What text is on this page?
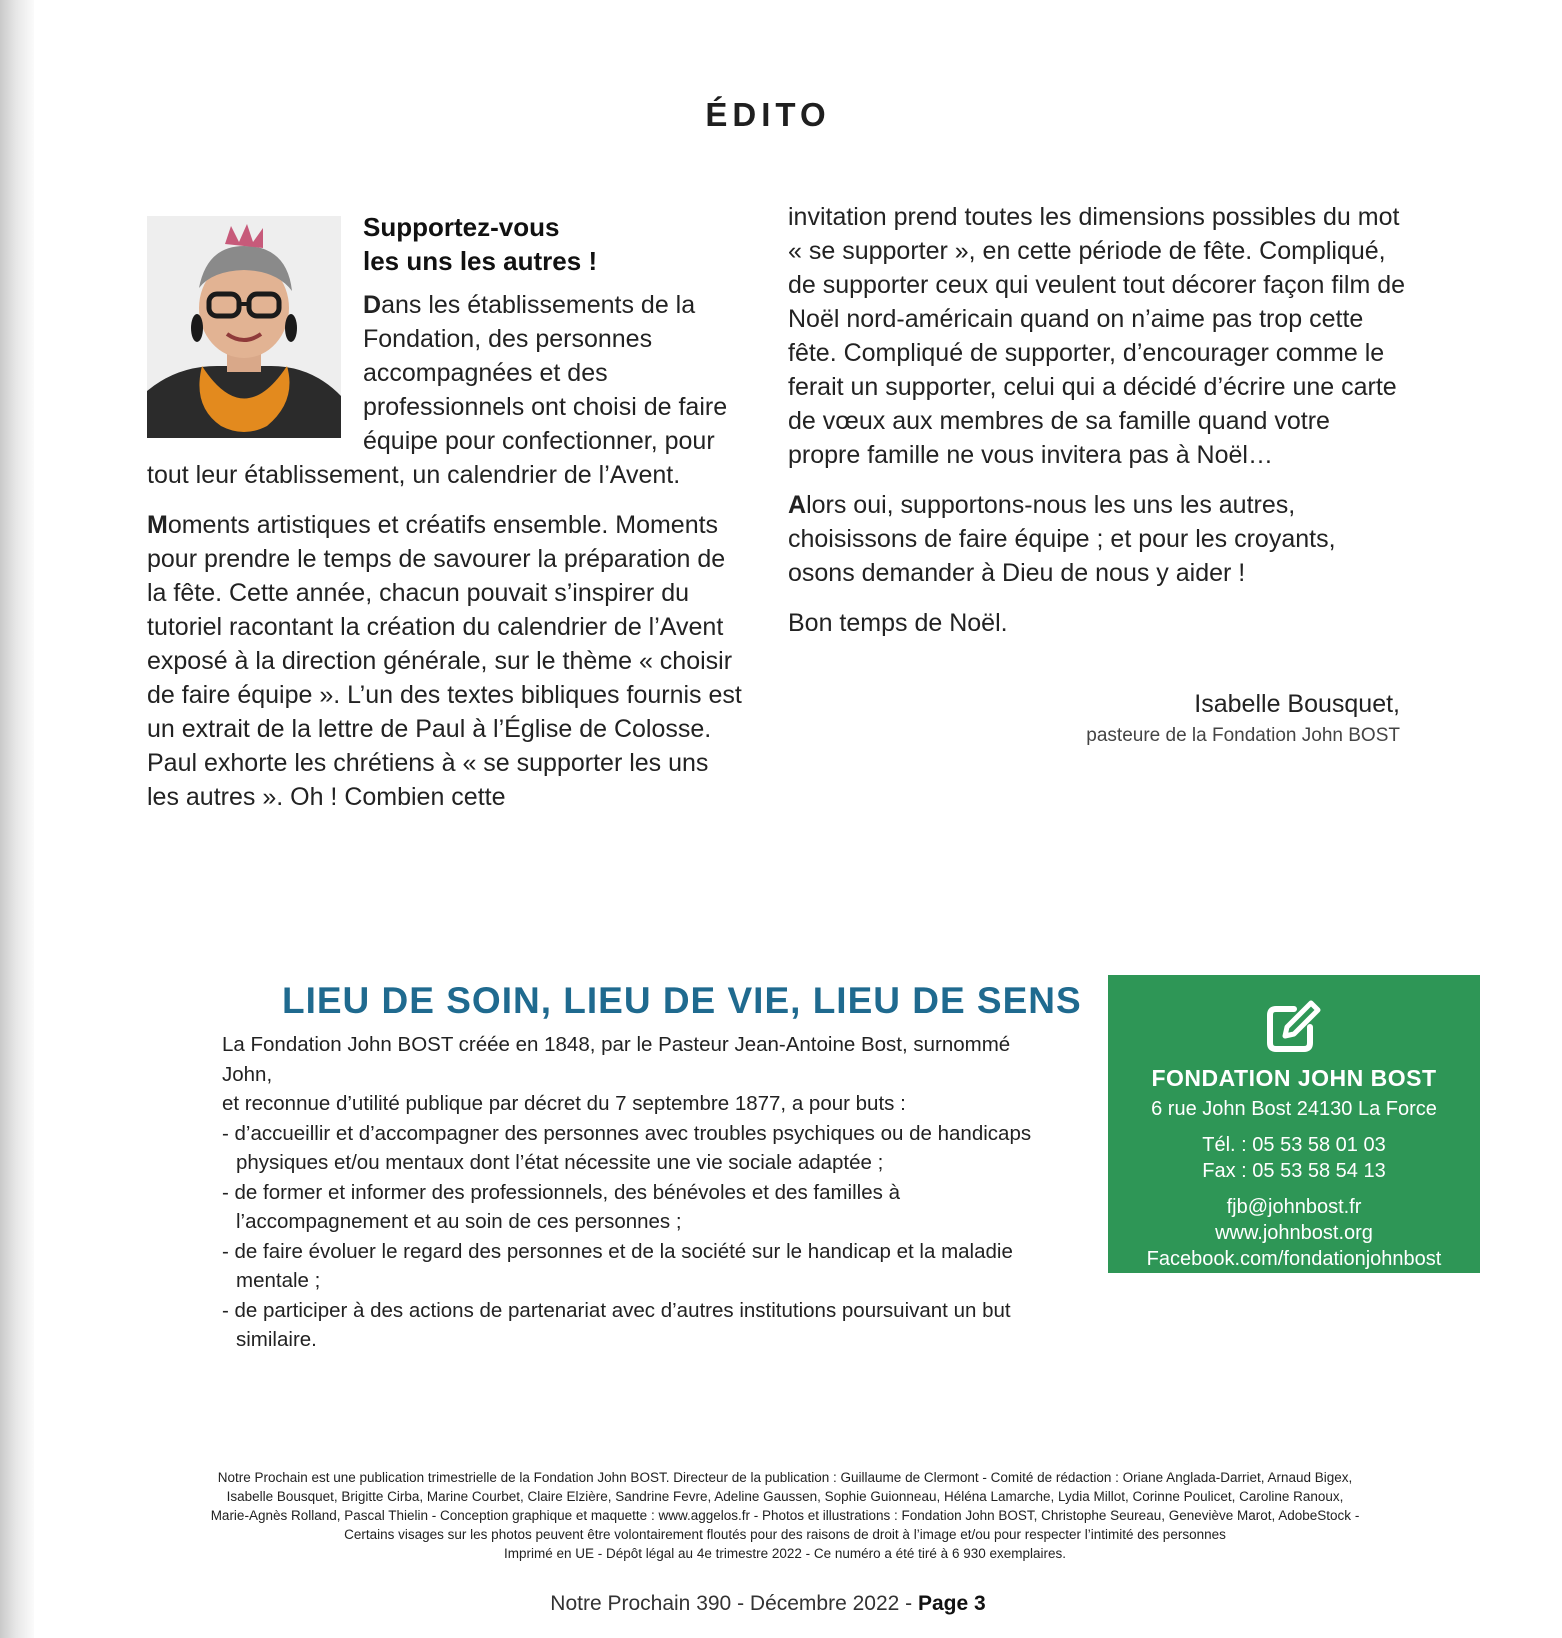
ÉDITO
Supportez-vous
les uns les autres !

Dans les établissements de la Fondation, des personnes accompagnées et des professionnels ont choisi de faire équipe pour confectionner, pour tout leur établissement, un calendrier de l’Avent.

Moments artistiques et créatifs ensemble. Moments pour prendre le temps de savourer la préparation de la fête. Cette année, chacun pouvait s’inspirer du tutoriel racontant la création du calendrier de l’Avent exposé à la direction générale, sur le thème « choisir de faire équipe ». L’un des textes bibliques fournis est un extrait de la lettre de Paul à l’Église de Colosse. Paul exhorte les chrétiens à « se supporter les uns les autres ». Oh ! Combien cette

invitation prend toutes les dimensions possibles du mot « se supporter », en cette période de fête. Compliqué, de supporter ceux qui veulent tout décorer façon film de Noël nord-américain quand on n’aime pas trop cette fête. Compliqué de supporter, d’encourager comme le ferait un supporter, celui qui a décidé d’écrire une carte de vœux aux membres de sa famille quand votre propre famille ne vous invitera pas à Noël…

Alors oui, supportons-nous les uns les autres, choisissons de faire équipe ; et pour les croyants, osons demander à Dieu de nous y aider !

Bon temps de Noël.

Isabelle Bousquet,
pasteure de la Fondation John BOST
LIEU DE SOIN, LIEU DE VIE, LIEU DE SENS

La Fondation John BOST créée en 1848, par le Pasteur Jean-Antoine Bost, surnommé John,
et reconnue d’utilité publique par décret du 7 septembre 1877, a pour buts :

- d’accueillir et d’accompagner des personnes avec troubles psychiques ou de handicaps physiques et/ou mentaux dont l’état nécessite une vie sociale adaptée ;
- de former et informer des professionnels, des bénévoles et des familles à l’accompagnement et au soin de ces personnes ;
- de faire évoluer le regard des personnes et de la société sur le handicap et la maladie mentale ;
- de participer à des actions de partenariat avec d’autres institutions poursuivant un but similaire.
FONDATION JOHN BOST
6 rue John Bost 24130 La Force
Tél. : 05 53 58 01 03
Fax : 05 53 58 54 13
fjb@johnbost.fr
www.johnbost.org
Facebook.com/fondationjohnbost
Notre Prochain est une publication trimestrielle de la Fondation John BOST. Directeur de la publication : Guillaume de Clermont - Comité de rédaction : Oriane Anglada-Darriet, Arnaud Bigex,
Isabelle Bousquet, Brigitte Cirba, Marine Courbet, Claire Elzière, Sandrine Fevre, Adeline Gaussen, Sophie Guionneau, Héléna Lamarche, Lydia Millot, Corinne Poulicet, Caroline Ranoux,
Marie-Agnès Rolland, Pascal Thielin - Conception graphique et maquette : www.aggelos.fr - Photos et illustrations : Fondation John BOST, Christophe Seureau, Geneviève Marot, AdobeStock -
Certains visages sur les photos peuvent être volontairement floutés pour des raisons de droit à l’image et/ou pour respecter l’intimité des personnes
Imprimé en UE - Dépôt légal au 4e trimestre 2022 - Ce numéro a été tiré à 6 930 exemplaires.
Notre Prochain 390 - Décembre 2022 - Page 3
